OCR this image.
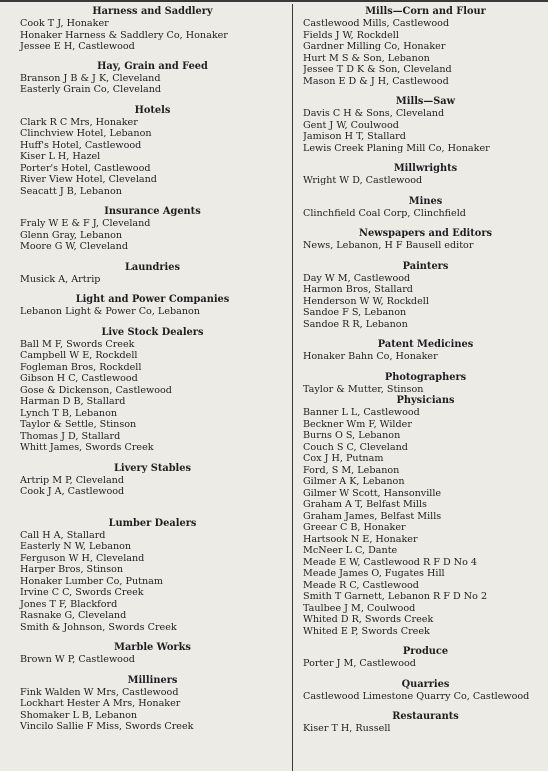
Harness and Saddlery
Cook T J, Honaker
Honaker Harness & Saddlery Co, Honaker
Jessee E H, Castlewood
Hay, Grain and Feed
Branson J B & J K, Cleveland
Easterly Grain Co, Cleveland
Hotels
Clark R C Mrs, Honaker
Clinchview Hotel, Lebanon
Huff's Hotel, Castlewood
Kiser L H, Hazel
Porter's Hotel, Castlewood
River View Hotel, Cleveland
Seacatt J B, Lebanon
Insurance Agents
Fraly W E & F J, Cleveland
Glenn Gray, Lebanon
Moore G W, Cleveland
Laundries
Musick A, Artrip
Light and Power Companies
Lebanon Light & Power Co, Lebanon
Live Stock Dealers
Ball M F, Swords Creek
Campbell W E, Rockdell
Fogleman Bros, Rockdell
Gibson H C, Castlewood
Gose & Dickenson, Castlewood
Harman D B, Stallard
Lynch T B, Lebanon
Taylor & Settle, Stinson
Thomas J D, Stallard
Whitt James, Swords Creek
Livery Stables
Artrip M P, Cleveland
Cook J A, Castlewood
Lumber Dealers
Call H A, Stallard
Easterly N W, Lebanon
Ferguson W H, Cleveland
Harper Bros, Stinson
Honaker Lumber Co, Putnam
Irvine C C, Swords Creek
Jones T F, Blackford
Rasnake G, Cleveland
Smith & Johnson, Swords Creek
Marble Works
Brown W P, Castlewood
Milliners
Fink Walden W Mrs, Castlewood
Lockhart Hester A Mrs, Honaker
Shomaker L B, Lebanon
Vincilo Sallie F Miss, Swords Creek
Mills—Corn and Flour
Castlewood Mills, Castlewood
Fields J W, Rockdell
Gardner Milling Co, Honaker
Hurt M S & Son, Lebanon
Jessee T D K & Son, Cleveland
Mason E D & J H, Castlewood
Mills—Saw
Davis C H & Sons, Cleveland
Gent J W, Coulwood
Jamison H T, Stallard
Lewis Creek Planing Mill Co, Honaker
Millwrights
Wright W D, Castlewood
Mines
Clinchfield Coal Corp, Clinchfield
Newspapers and Editors
News, Lebanon, H F Bausell editor
Painters
Day W M, Castlewood
Harmon Bros, Stallard
Henderson W W, Rockdell
Sandoe F S, Lebanon
Sandoe R R, Lebanon
Patent Medicines
Honaker Bahn Co, Honaker
Photographers
Taylor & Mutter, Stinson
Physicians
Banner L L, Castlewood
Beckner Wm F, Wilder
Burns O S, Lebanon
Couch S C, Cleveland
Cox J H, Putnam
Ford, S M, Lebanon
Gilmer A K, Lebanon
Gilmer W Scott, Hansonville
Graham A T, Belfast Mills
Graham James, Belfast Mills
Greear C B, Honaker
Hartsook N E, Honaker
McNeer L C, Dante
Meade E W, Castlewood R F D No 4
Meade James O, Fugates Hill
Meade R C, Castlewood
Smith T Garnett, Lebanon R F D No 2
Taulbee J M, Coulwood
Whited D R, Swords Creek
Whited E P, Swords Creek
Produce
Porter J M, Castlewood
Quarries
Castlewood Limestone Quarry Co, Castlewood
Restaurants
Kiser T H, Russell
